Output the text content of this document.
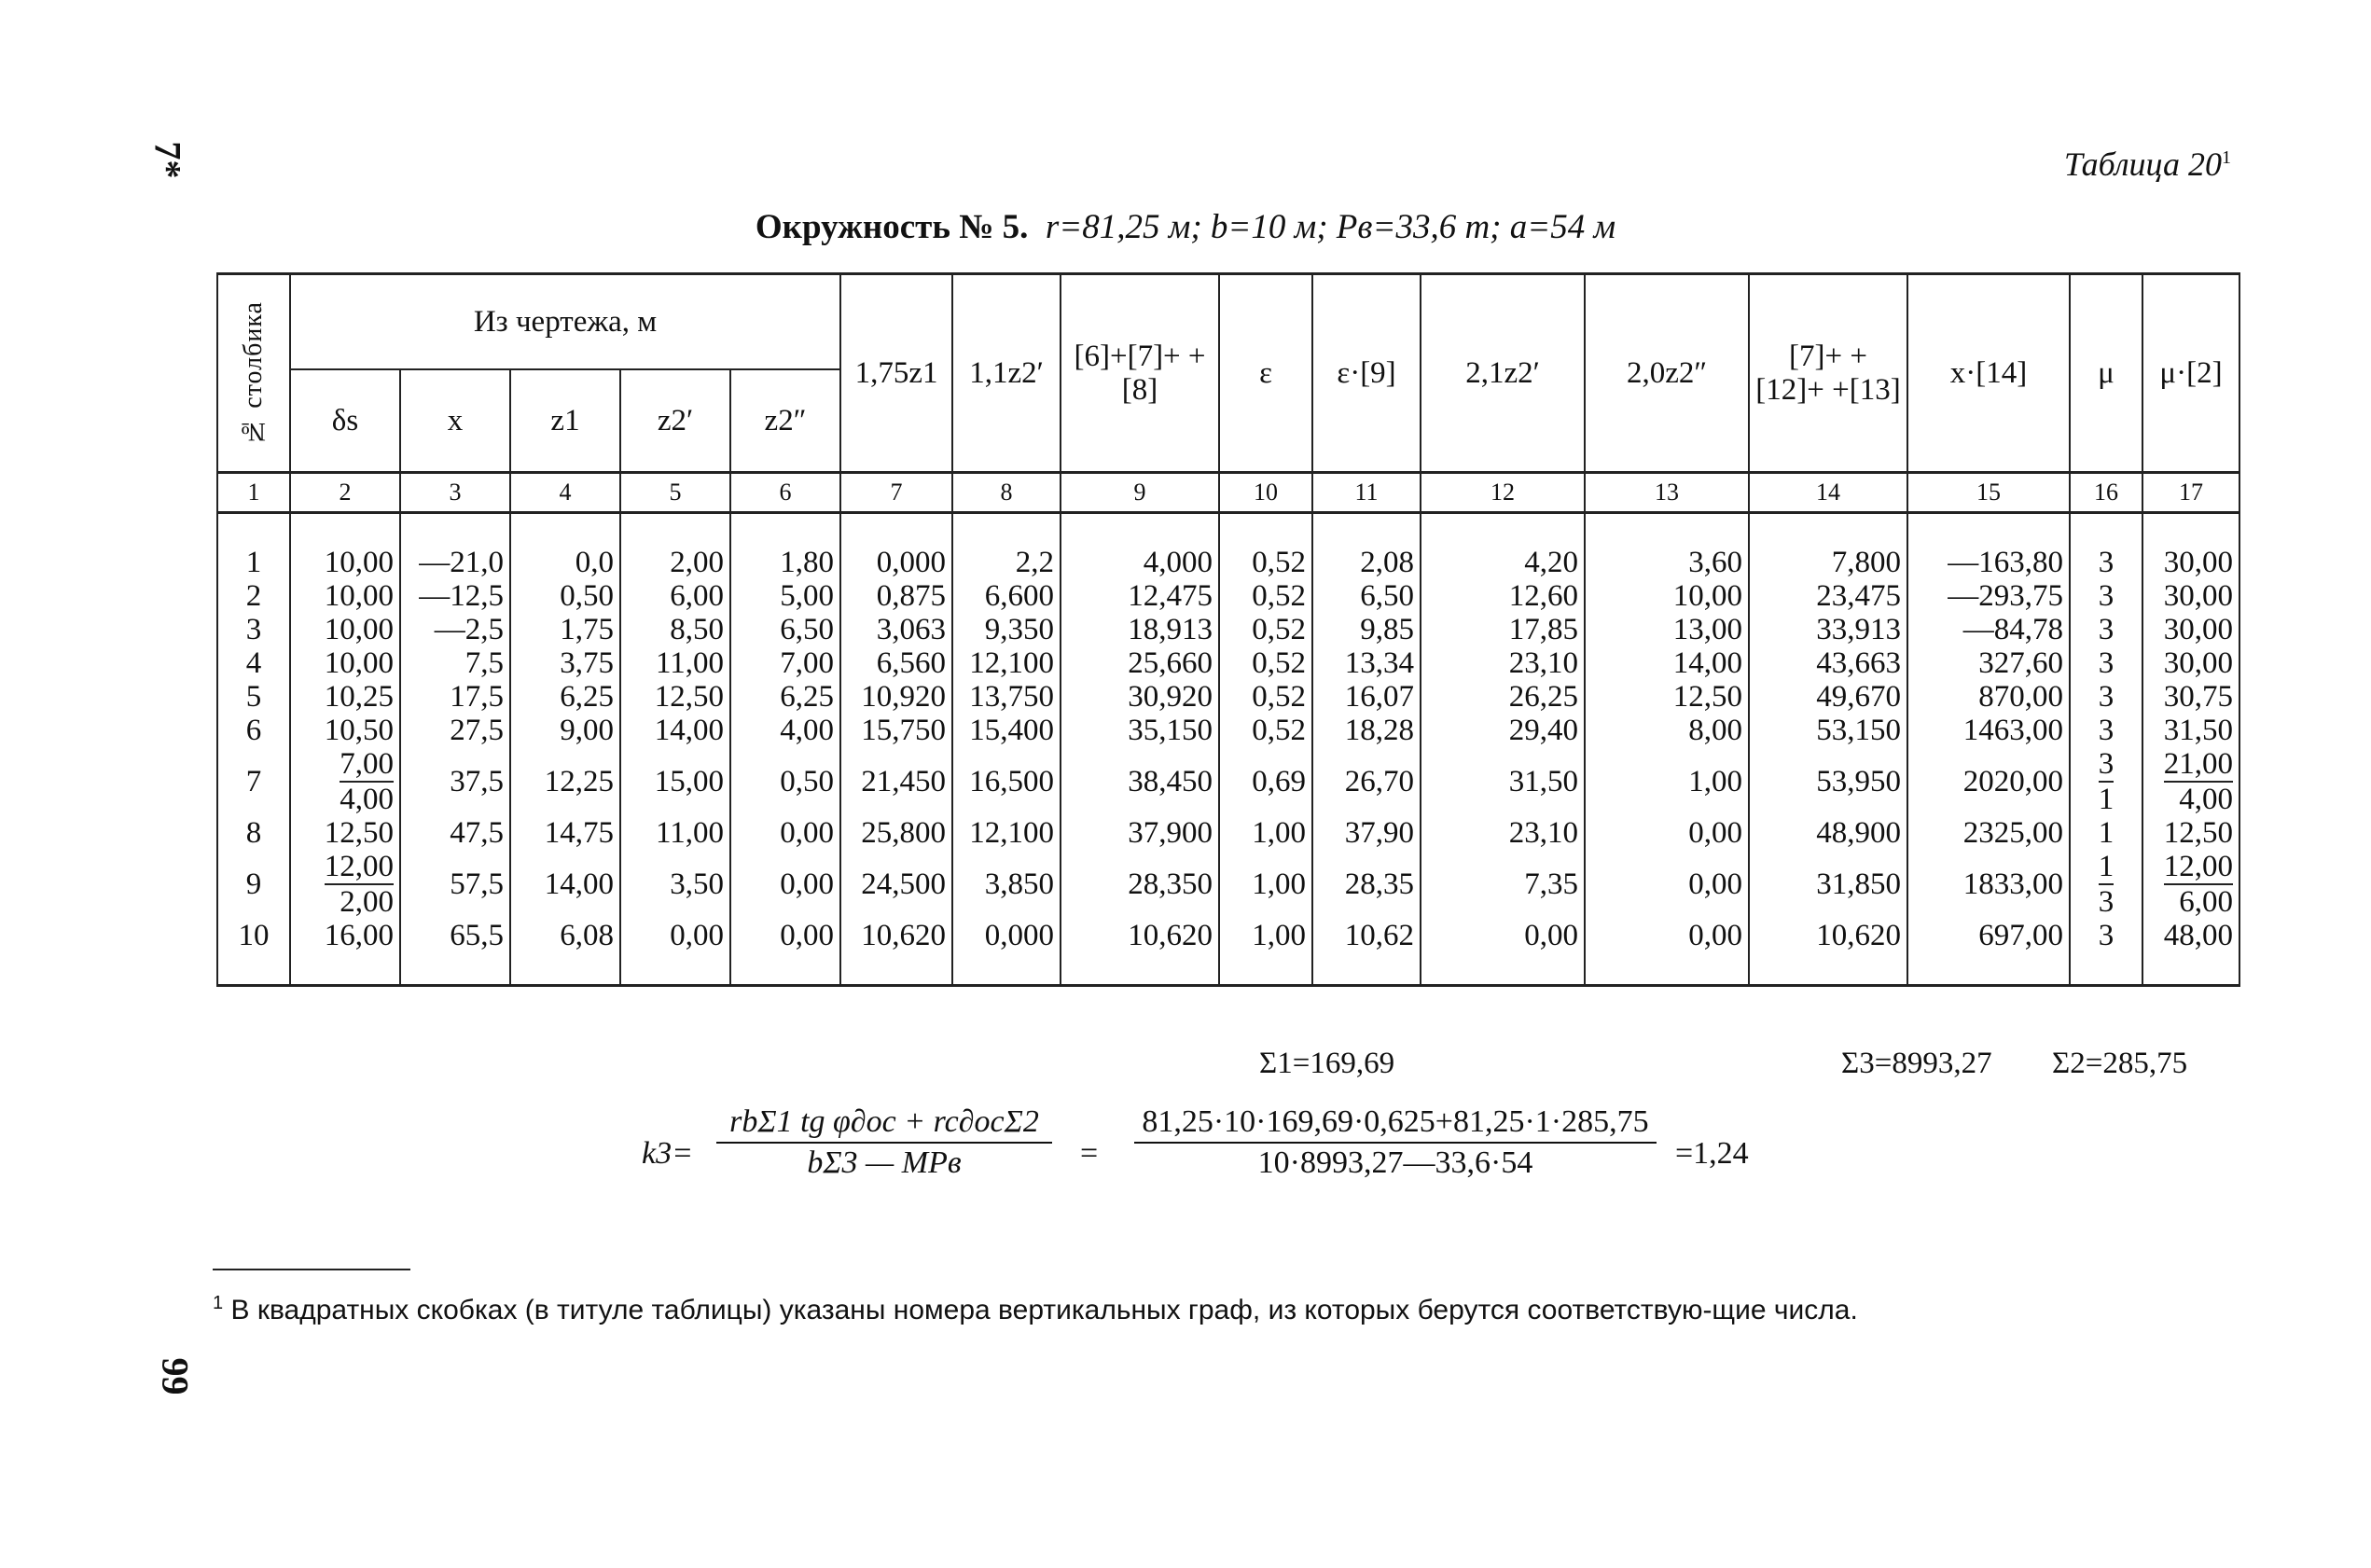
7*
99
Таблица $20^1$
Окружность № 5. r=81,25 м; b=10 м; Pв=33,6 т; a=54 м
№ столбика	Из чертежа, м					1,75z1	1,1z2′	[6]+[7]+ +[8]	ε	ε·[9]	2,1z2′	2,0z2″	[7]+ +[12]+ +[13]	x·[14]	μ	μ·[2]
	δs	x	z1	z2′	z2″											
1	2	3	4	5	6	7	8	9	10	11	12	13	14	15	16	17
1	10,00	—21,0	0,0	2,00	1,80	0,000	2,2	4,000	0,52	2,08	4,20	3,60	7,800	—163,80	3	30,00
2	10,00	—12,5	0,50	6,00	5,00	0,875	6,600	12,475	0,52	6,50	12,60	10,00	23,475	—293,75	3	30,00
3	10,00	—2,5	1,75	8,50	6,50	3,063	9,350	18,913	0,52	9,85	17,85	13,00	33,913	—84,78	3	30,00
4	10,00	7,5	3,75	11,00	7,00	6,560	12,100	25,660	0,52	13,34	23,10	14,00	43,663	327,60	3	30,00
5	10,25	17,5	6,25	12,50	6,25	10,920	13,750	30,920	0,52	16,07	26,25	12,50	49,670	870,00	3	30,75
6	10,50	27,5	9,00	14,00	4,00	15,750	15,400	35,150	0,52	18,28	29,40	8,00	53,150	1463,00	3	31,50
7	$\frac{7,00}{4,00}$	37,5	12,25	15,00	0,50	21,450	16,500	38,450	0,69	26,70	31,50	1,00	53,950	2020,00	$\frac{3}{1}$	$\frac{21,00}{4,00}$

8	12,50	47,5	14,75	11,00	0,00	25,800	12,100	37,900	1,00	37,90	23,10	0,00	48,900	2325,00	1	12,50
9	$\frac{12,00}{2,00}$	57,5	14,00	3,50	0,00	24,500	3,850	28,350	1,00	28,35	7,35	0,00	31,850	1833,00	$\frac{1}{3}$	$\frac{12,00}{6,00}$

10	16,00	65,5	6,08	0,00	0,00	10,620	0,000	10,620	1,00	10,62	0,00	0,00	10,620	697,00	3	48,00
Σ1=169,69	Σ3=8993,27 Σ2=285,75
k3=
rbΣ1 tg φ∂oc + rc∂ocΣ2
bΣ3 — MPв	= $\frac{81,25\cdot 10\cdot 169,69\cdot 0,625+81,25\cdot 1\cdot 285,75}{10\cdot 8993,27—33,6\cdot 54} =1,24$
$^1$ В квадратных скобках (в титуле таблицы) указаны номера вертикальных граф, из которых берутся соответствую-щие числа.
